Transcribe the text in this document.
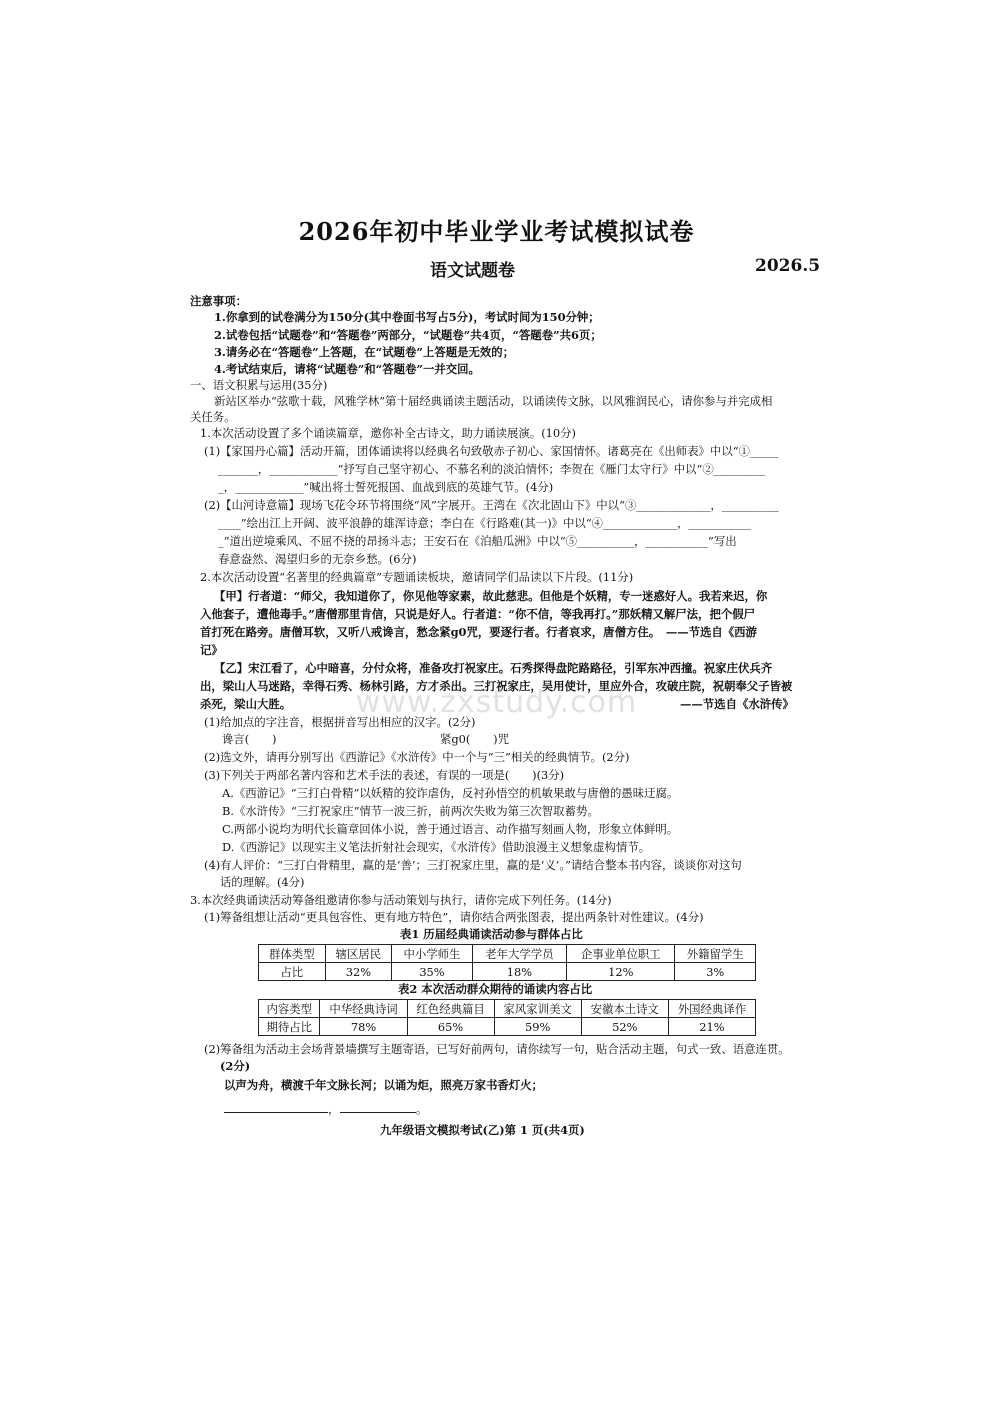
2026年初中毕业学业考试模拟试卷
语文试题卷	2026.5
注意事项：
1.你拿到的试卷满分为150分(其中卷面书写占5分)，考试时间为150分钟；
2.试卷包括“试题卷”和“答题卷”两部分，“试题卷”共4页，“答题卷”共6页；
3.请务必在“答题卷”上答题，在“试题卷”上答题是无效的；
4.考试结束后，请将“试题卷”和“答题卷”一并交回。
一、语文积累与运用(35分)
新站区举办“弦歌十载，风雅学林”第十届经典诵读主题活动，以诵读传文脉，以风雅润民心，请你参与并完成相
关任务。
1.本次活动设置了多个诵读篇章，邀你补全古诗文，助力诵读展演。(10分)
(1)【家国丹心篇】活动开篇，团体诵读将以经典名句致敬赤子初心、家国情怀。诸葛亮在《出师表》中以“①_____
_______，____________”抒写自己坚守初心、不慕名利的淡泊情怀；李贺在《雁门太守行》中以“②_________
_，____________”喊出将士誓死报国、血战到底的英雄气节。(4分)
(2)【山河诗意篇】现场飞花令环节将围绕“风”字展开。王湾在《次北固山下》中以“③_____________，__________
____”绘出江上开阔、波平浪静的雄浑诗意；李白在《行路难(其一)》中以“④_____________，___________
_”道出逆境乘风、不屈不挠的昂扬斗志；王安石在《泊船瓜洲》中以“⑤__________，___________”写出
春意盎然、渴望归乡的无奈乡愁。(6分)
2.本次活动设置“名著里的经典篇章”专题诵读板块，邀请同学们品读以下片段。(11分)
【甲】行者道：“师父，我知道你了，你见他等家素，故此慈悲。但他是个妖精，专一迷惑好人。我若来迟，你
入他套子，遭他毒手。”唐僧那里肯信，只说是好人。行者道：“你不信，等我再打。”那妖精又解尸法，把个假尸
首打死在路旁。唐僧耳软，又听八戒谗言，愁念紧g0咒，要逐行者。行者哀求，唐僧方住。　——节选自《西游
记》
【乙】宋江看了，心中暗喜，分付众将，准备攻打祝家庄。石秀探得盘陀路路径，引军东冲西撞。祝家庄伏兵齐
出，梁山人马迷路，幸得石秀、杨林引路，方才杀出。三打祝家庄，吴用使计，里应外合，攻破庄院，祝朝奉父子皆被
杀死，梁山大胜。	——节选自《水浒传》
(1)给加点的字注音，根据拼音写出相应的汉字。(2分)
谗言(　　)	紧g0(　　)咒
(2)选文外，请再分别写出《西游记》《水浒传》中一个与“三”相关的经典情节。(2分)
(3)下列关于两部名著内容和艺术手法的表述，有误的一项是(　　)(3分)
A.《西游记》“三打白骨精”以妖精的狡诈虐伪，反衬孙悟空的机敏果敢与唐僧的愚昧迂腐。
B.《水浒传》“三打祝家庄”情节一波三折，前两次失败为第三次智取蓄势。
C.两部小说均为明代长篇章回体小说，善于通过语言、动作描写刻画人物，形象立体鲜明。
D.《西游记》以现实主义笔法折射社会现实，《水浒传》借助浪漫主义想象虚构情节。
(4)有人评价：“三打白骨精里，赢的是‘善’；三打祝家庄里，赢的是‘义’。”请结合整本书内容，谈谈你对这句
话的理解。(4分)
3.本次经典诵读活动筹备组邀请你参与活动策划与执行，请你完成下列任务。(14分)
(1)筹备组想让活动“更具包容性、更有地方特色”，请你结合两张图表，提出两条针对性建议。(4分)
表1 历届经典诵读活动参与群体占比
群体类型	辖区居民	中小学师生	老年大学学员	企事业单位职工	外籍留学生
占比	32%	35%	18%	12%	3%
表2 本次活动群众期待的诵读内容占比
内容类型	中华经典诗词	红色经典篇目	家风家训美文	安徽本土诗文	外国经典译作
期待占比	78%	65%	59%	52%	21%
(2)筹备组为活动主会场背景墙撰写主题寄语，已写好前两句，请你续写一句，贴合活动主题，句式一致、语意连贯。
(2分)
以声为舟，横渡千年文脉长河；以诵为炬，照亮万家书香灯火；
，	。
九年级语文模拟考试(乙)第 1 页(共4页)
www.zxstudy.com
